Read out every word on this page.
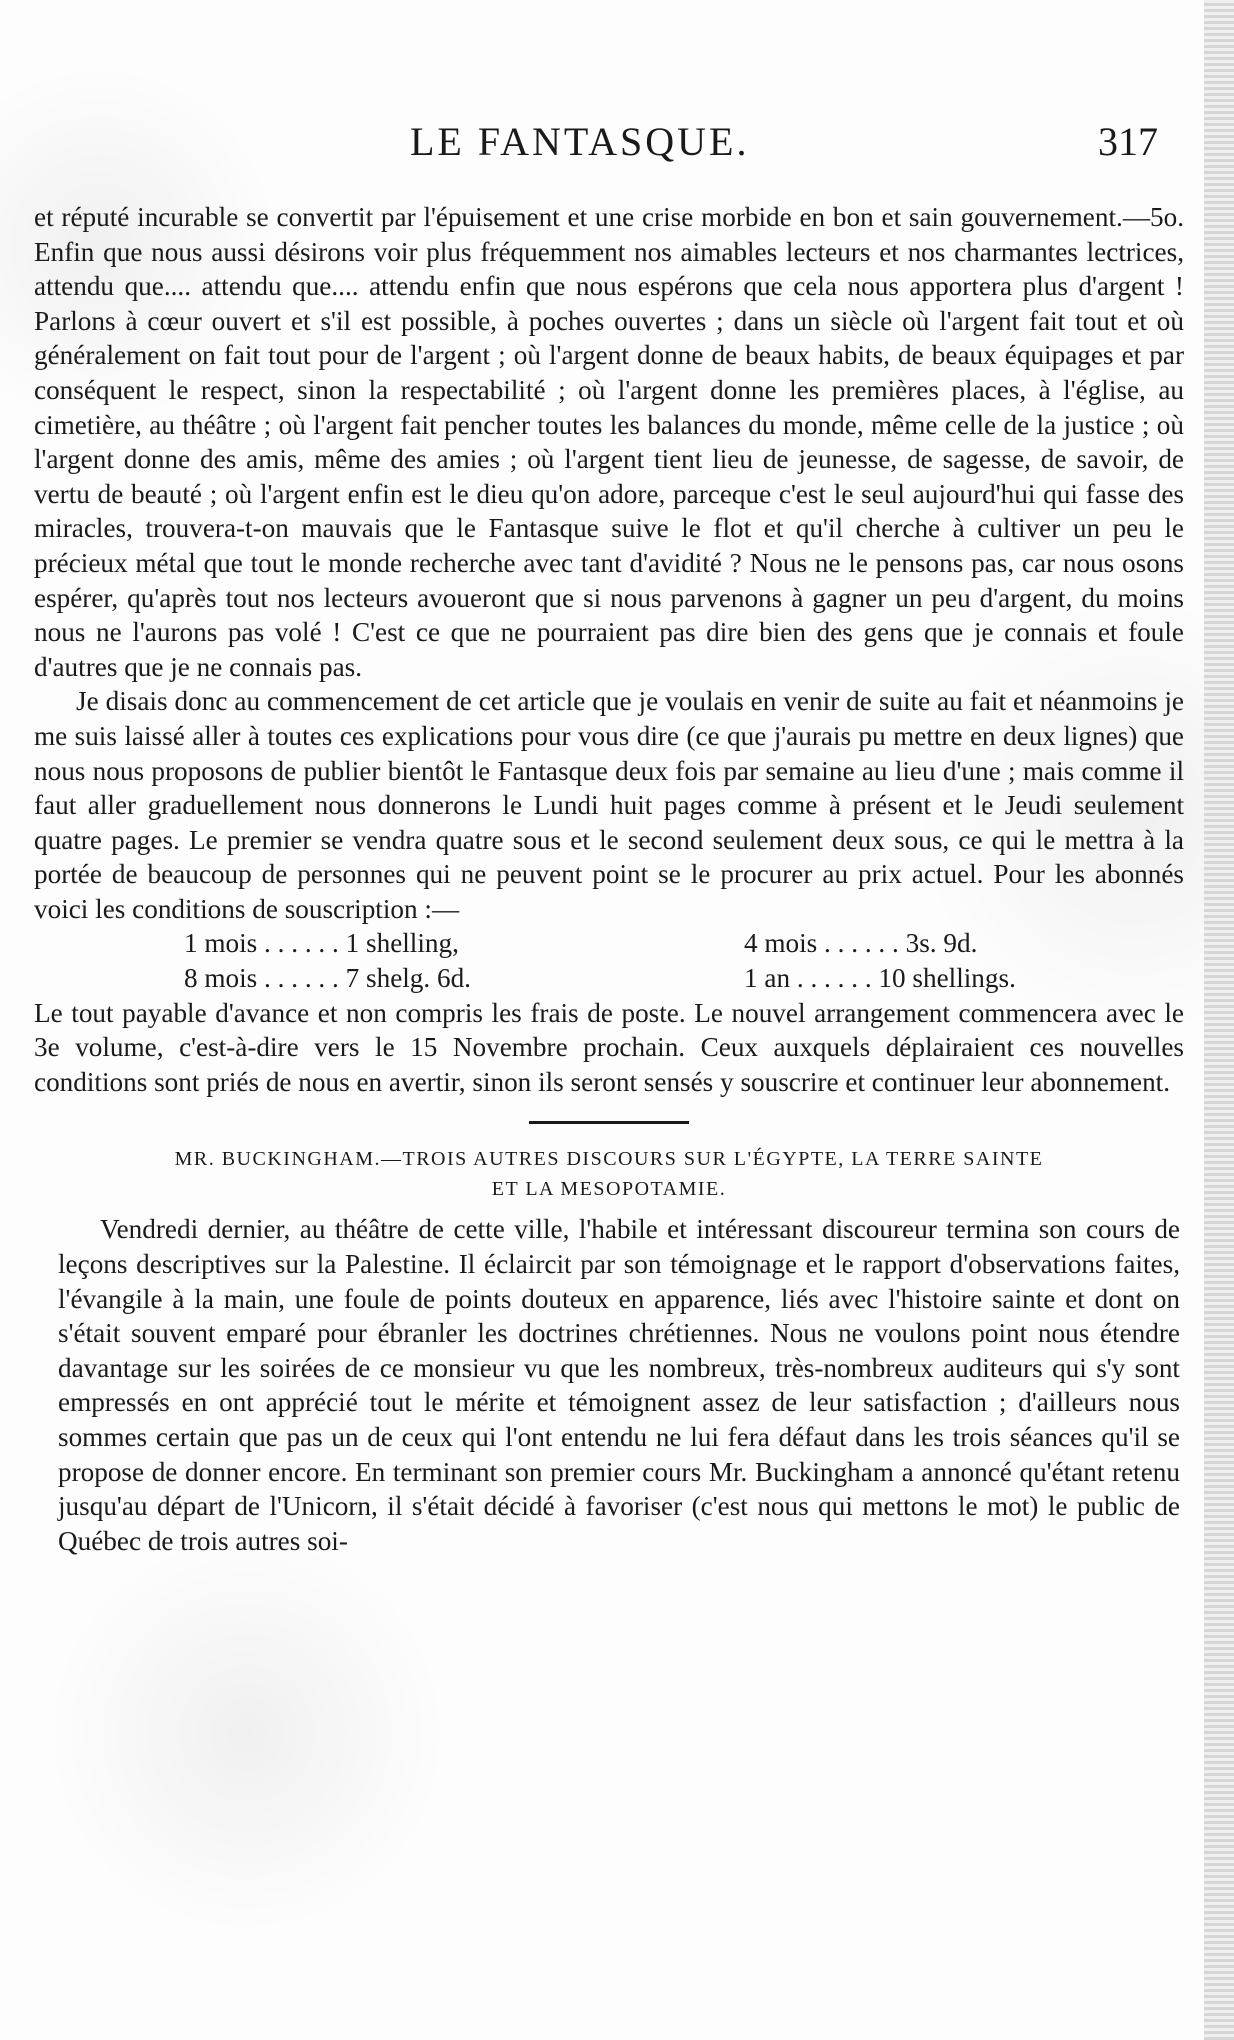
LE FANTASQUE.	317

et réputé incurable se convertit par l'épuisement et une crise morbide en bon et sain gouvernement.—5o. Enfin que nous aussi désirons voir plus fréquemment nos aimables lecteurs et nos charmantes lectrices, attendu que.... attendu que.... attendu enfin que nous espérons que cela nous apportera plus d'argent ! Parlons à cœur ouvert et s'il est possible, à poches ouvertes ; dans un siècle où l'argent fait tout et où généralement on fait tout pour de l'argent ; où l'argent donne de beaux habits, de beaux équipages et par conséquent le respect, sinon la respectabilité ; où l'argent donne les premières places, à l'église, au cimetière, au théâtre ; où l'argent fait pencher toutes les balances du monde, même celle de la justice ; où l'argent donne des amis, même des amies ; où l'argent tient lieu de jeunesse, de sagesse, de savoir, de vertu de beauté ; où l'argent enfin est le dieu qu'on adore, parceque c'est le seul aujourd'hui qui fasse des miracles, trouvera-t-on mauvais que le Fantasque suive le flot et qu'il cherche à cultiver un peu le précieux métal que tout le monde recherche avec tant d'avidité ? Nous ne le pensons pas, car nous osons espérer, qu'après tout nos lecteurs avoueront que si nous parvenons à gagner un peu d'argent, du moins nous ne l'aurons pas volé ! C'est ce que ne pourraient pas dire bien des gens que je connais et foule d'autres que je ne connais pas.

Je disais donc au commencement de cet article que je voulais en venir de suite au fait et néanmoins je me suis laissé aller à toutes ces explications pour vous dire (ce que j'aurais pu mettre en deux lignes) que nous nous proposons de publier bientôt le Fantasque deux fois par semaine au lieu d'une ; mais comme il faut aller graduellement nous donnerons le Lundi huit pages comme à présent et le Jeudi seulement quatre pages. Le premier se vendra quatre sous et le second seulement deux sous, ce qui le mettra à la portée de beaucoup de personnes qui ne peuvent point se le procurer au prix actuel. Pour les abonnés voici les conditions de souscription :—

1 mois . . . . . . 1 shelling,	4 mois . . . . . . 3s. 9d.
8 mois . . . . . . 7 shelg. 6d.	1 an . . . . . . 10 shellings.

Le tout payable d'avance et non compris les frais de poste. Le nouvel arrangement commencera avec le 3e volume, c'est-à-dire vers le 15 Novembre prochain. Ceux auxquels déplairaient ces nouvelles conditions sont priés de nous en avertir, sinon ils seront sensés y souscrire et continuer leur abonnement.

MR. BUCKINGHAM.—TROIS AUTRES DISCOURS SUR L'ÉGYPTE, LA TERRE SAINTE
ET LA MESOPOTAMIE.

Vendredi dernier, au théâtre de cette ville, l'habile et intéressant discoureur termina son cours de leçons descriptives sur la Palestine. Il éclaircit par son témoignage et le rapport d'observations faites, l'évangile à la main, une foule de points douteux en apparence, liés avec l'histoire sainte et dont on s'était souvent emparé pour ébranler les doctrines chrétiennes. Nous ne voulons point nous étendre davantage sur les soirées de ce monsieur vu que les nombreux, très-nombreux auditeurs qui s'y sont empressés en ont apprécié tout le mérite et témoignent assez de leur satisfaction ; d'ailleurs nous sommes certain que pas un de ceux qui l'ont entendu ne lui fera défaut dans les trois séances qu'il se propose de donner encore. En terminant son premier cours Mr. Buckingham a annoncé qu'étant retenu jusqu'au départ de l'Unicorn, il s'était décidé à favoriser (c'est nous qui mettons le mot) le public de Québec de trois autres soi-
